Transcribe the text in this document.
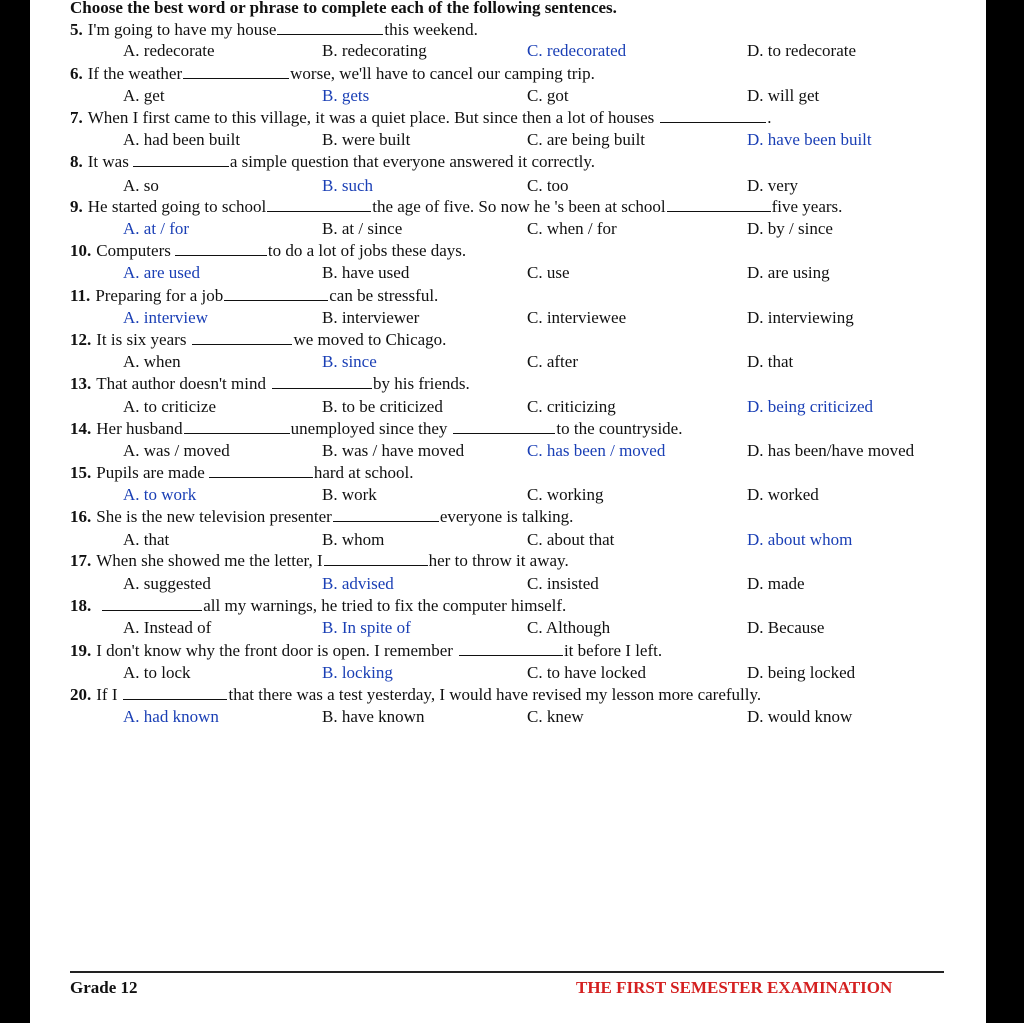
Choose the best word or phrase to complete each of the following sentences.
5. I'm going to have my house	this weekend.
A. redecorate	B. redecorating	C. redecorated	D. to redecorate
6. If the weather	worse, we'll have to cancel our camping trip.
A. get	B. gets	C. got	D. will get
7. When I first came to this village, it was a quiet place. But since then a lot of houses	.
A. had been built	B. were built	C. are being built	D. have been built
8. It was	a simple question that everyone answered it correctly.
A. so	B. such	C. too	D. very
9. He started going to school	the age of five. So now he 's been at school	five years.
A. at / for	B. at / since	C. when / for	D. by / since
10. Computers	to do a lot of jobs these days.
A. are used	B. have used	C. use	D. are using
11. Preparing for a job	can be stressful.
A. interview	B. interviewer	C. interviewee	D. interviewing
12. It is six years	we moved to Chicago.
A. when	B. since	C. after	D. that
13. That author doesn't mind	by his friends.
A. to criticize	B. to be criticized	C. criticizing	D. being criticized
14. Her husband	unemployed since they	to the countryside.
A. was / moved	B. was / have moved	C. has been / moved	D. has been/have moved
15. Pupils are made	hard at school.
A. to work	B. work	C. working	D. worked
16. She is the new television presenter	everyone is talking.
A. that	B. whom	C. about that	D. about whom
17. When she showed me the letter, I	her to throw it away.
A. suggested	B. advised	C. insisted	D. made
18.	all my warnings, he tried to fix the computer himself.
A. Instead of	B. In spite of	C. Although	D. Because
19. I don't know why the front door is open. I remember	it before I left.
A. to lock	B. locking	C. to have locked	D. being locked
20. If I	that there was a test yesterday, I would have revised my lesson more carefully.
A. had known	B. have known	C. knew	D. would know
Grade 12	THE FIRST SEMESTER EXAMINATION
